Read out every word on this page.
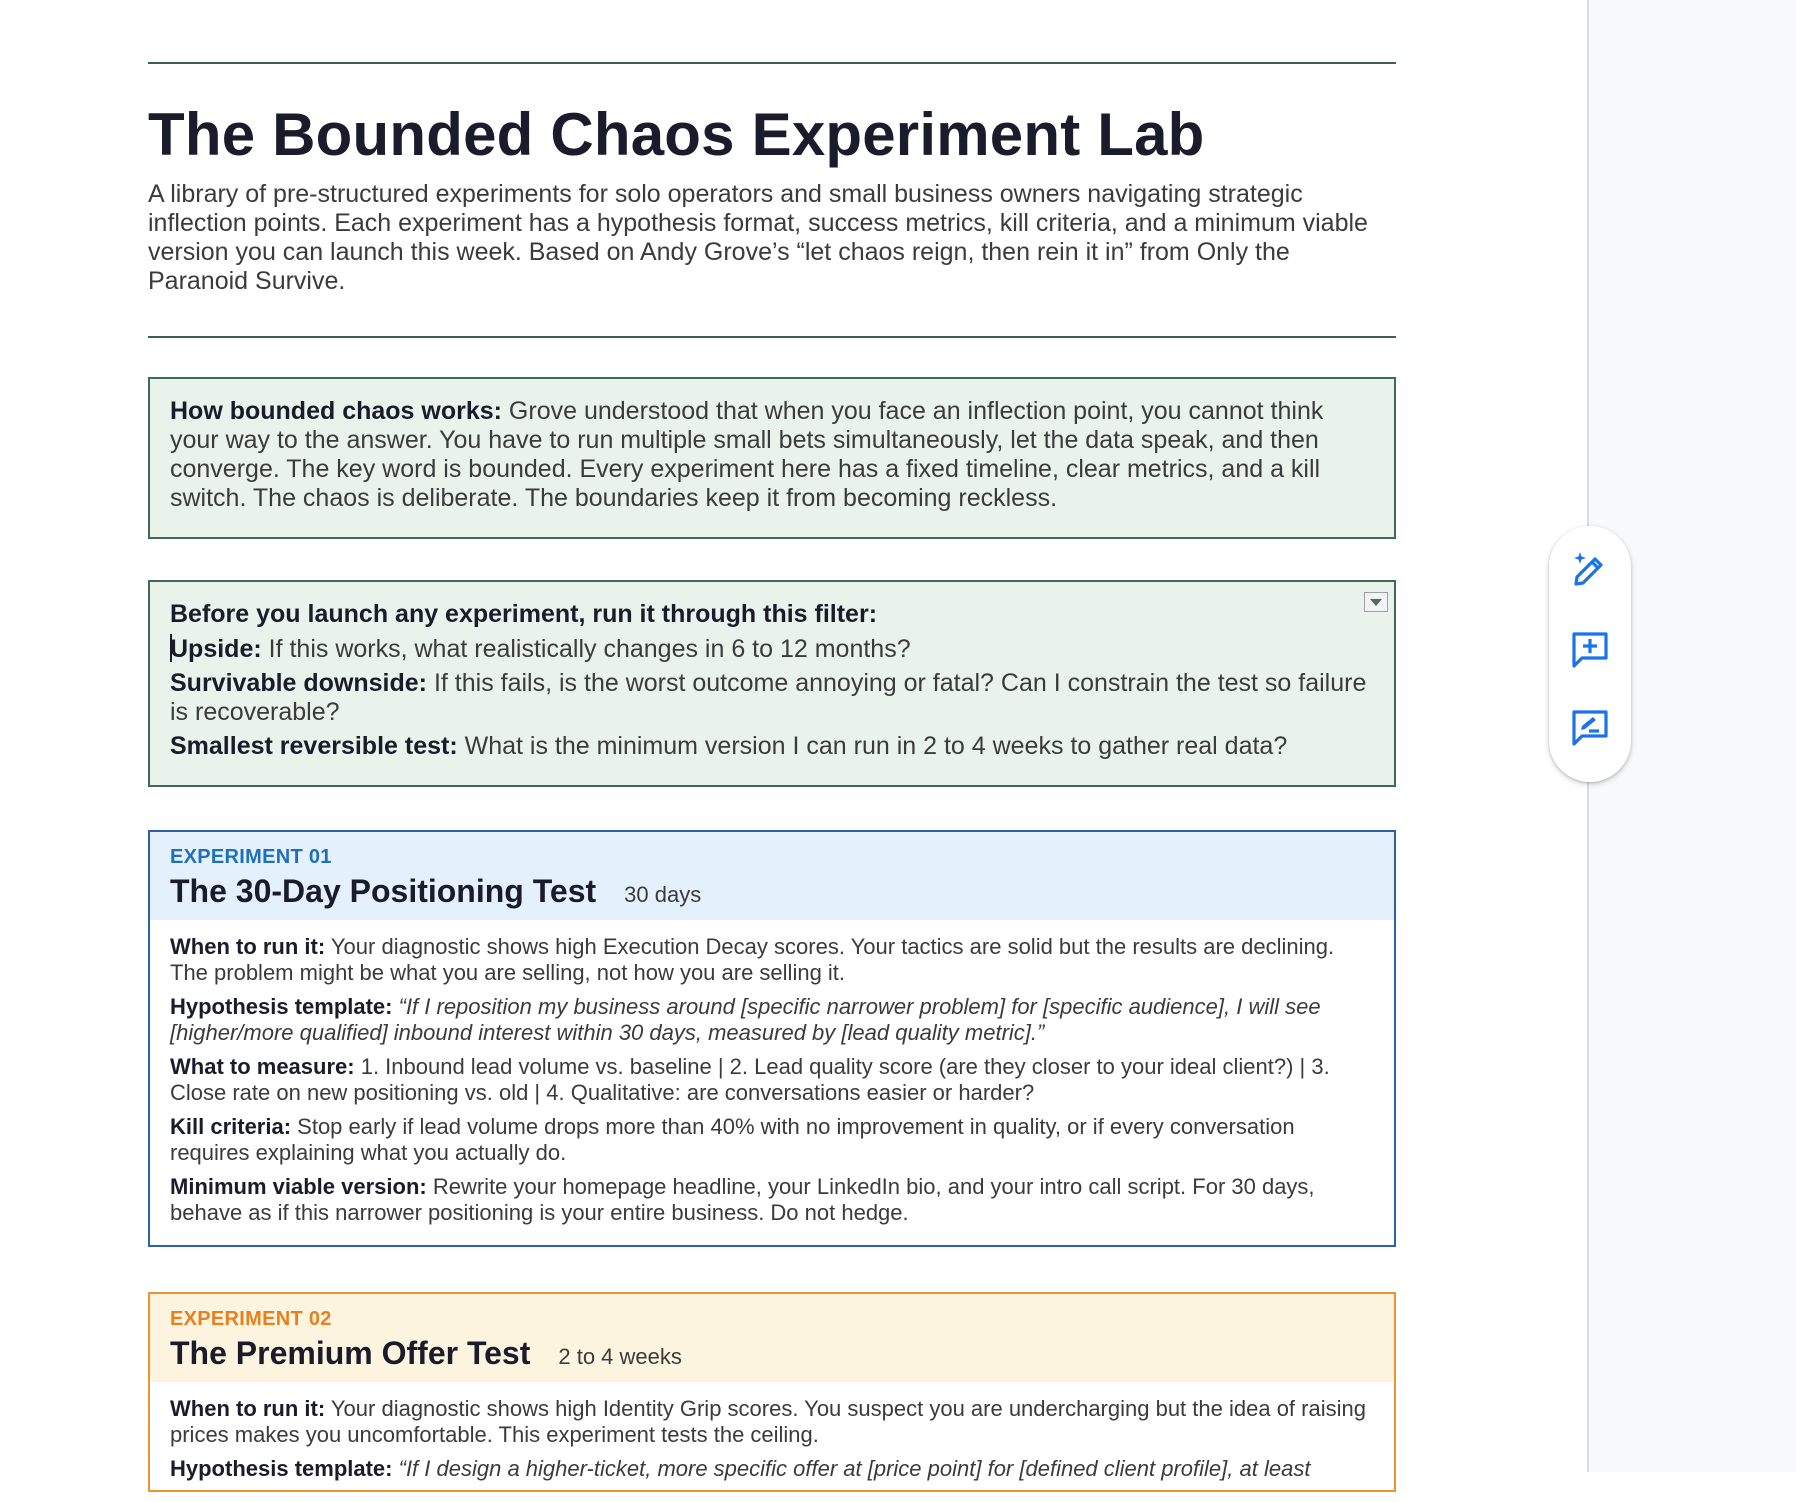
The Bounded Chaos Experiment Lab

A library of pre-structured experiments for solo operators and small business owners navigating strategic inflection points. Each experiment has a hypothesis format, success metrics, kill criteria, and a minimum viable version you can launch this week. Based on Andy Grove’s “let chaos reign, then rein it in” from Only the Paranoid Survive.

How bounded chaos works: Grove understood that when you face an inflection point, you cannot think your way to the answer. You have to run multiple small bets simultaneously, let the data speak, and then converge. The key word is bounded. Every experiment here has a fixed timeline, clear metrics, and a kill switch. The chaos is deliberate. The boundaries keep it from becoming reckless.

Before you launch any experiment, run it through this filter:

Upside: If this works, what realistically changes in 6 to 12 months?

Survivable downside: If this fails, is the worst outcome annoying or fatal? Can I constrain the test so failure is recoverable?

Smallest reversible test: What is the minimum version I can run in 2 to 4 weeks to gather real data?

EXPERIMENT 01
The 30-Day Positioning Test 30 days

When to run it: Your diagnostic shows high Execution Decay scores. Your tactics are solid but the results are declining. The problem might be what you are selling, not how you are selling it.

Hypothesis template: “If I reposition my business around [specific narrower problem] for [specific audience], I will see [higher/more qualified] inbound interest within 30 days, measured by [lead quality metric].”

What to measure: 1. Inbound lead volume vs. baseline | 2. Lead quality score (are they closer to your ideal client?) | 3. Close rate on new positioning vs. old | 4. Qualitative: are conversations easier or harder?

Kill criteria: Stop early if lead volume drops more than 40% with no improvement in quality, or if every conversation requires explaining what you actually do.

Minimum viable version: Rewrite your homepage headline, your LinkedIn bio, and your intro call script. For 30 days, behave as if this narrower positioning is your entire business. Do not hedge.

EXPERIMENT 02
The Premium Offer Test 2 to 4 weeks

When to run it: Your diagnostic shows high Identity Grip scores. You suspect you are undercharging but the idea of raising prices makes you uncomfortable. This experiment tests the ceiling.

Hypothesis template: “If I design a higher-ticket, more specific offer at [price point] for [defined client profile], at least
